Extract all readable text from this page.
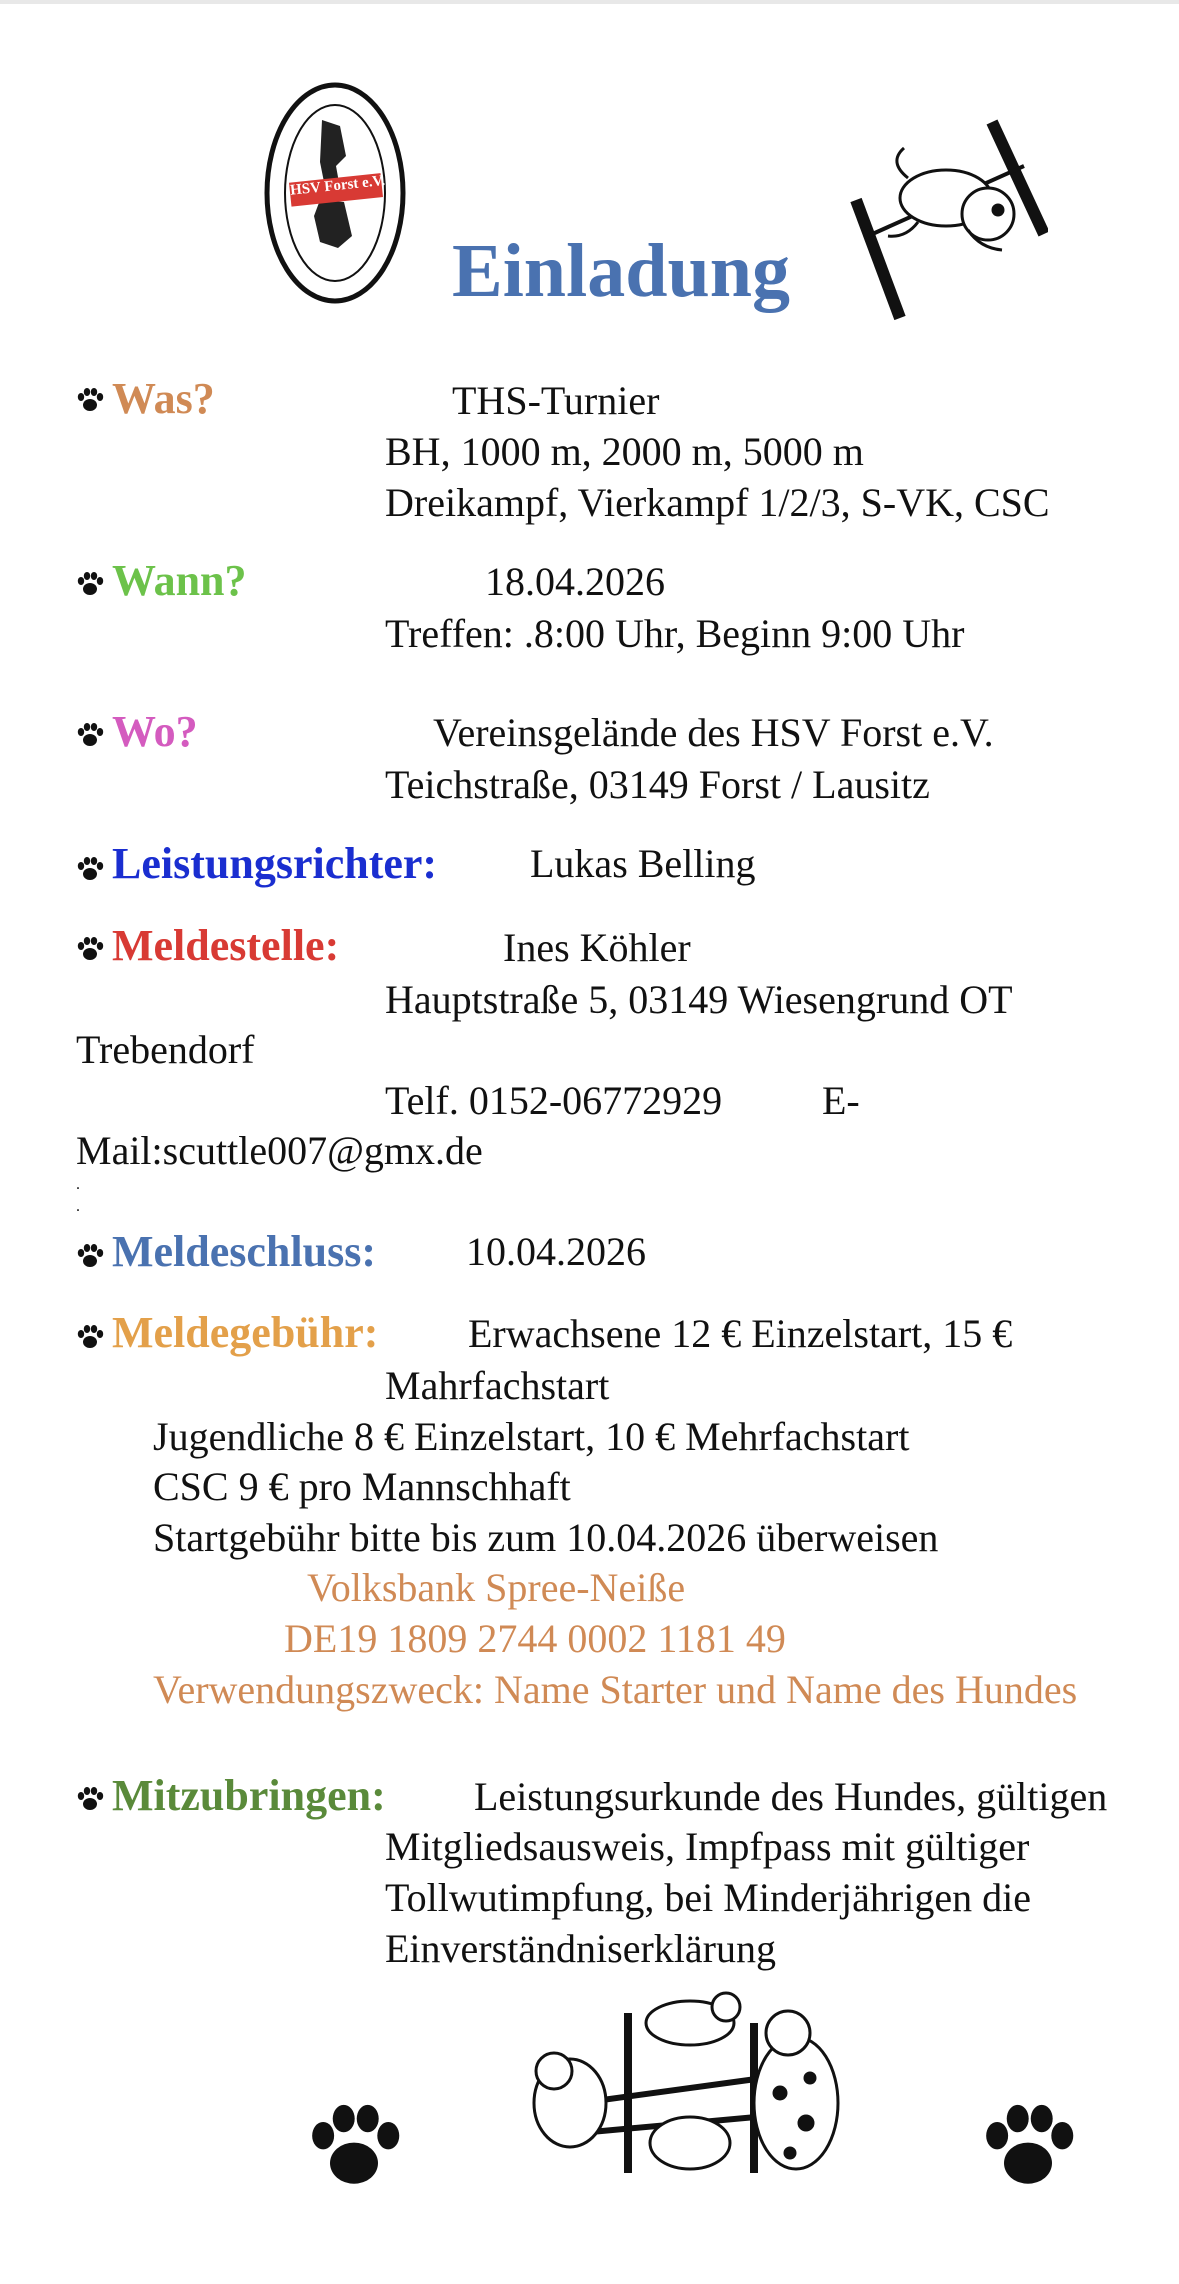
HSV Forst e.V.
Einladung
Was?	THS-Turnier
BH, 1000 m, 2000 m, 5000 m
Dreikampf, Vierkampf 1/2/3, S-VK, CSC
Wann?	18.04.2026
Treffen: .8:00 Uhr, Beginn 9:00 Uhr
Wo?	Vereinsgelände des HSV Forst e.V.
Teichstraße, 03149 Forst / Lausitz
Leistungsrichter: Lukas Belling
Meldestelle:	Ines Köhler
Hauptstraße 5, 03149 Wiesengrund OT
Trebendorf
Telf. 0152-06772929 E-
Mail:scuttle007@gmx.de
.
.
Meldeschluss: 10.04.2026
Meldegebühr: Erwachsene 12 € Einzelstart, 15 €
Mahrfachstart
Jugendliche 8 € Einzelstart, 10 € Mehrfachstart
CSC 9 € pro Mannschhaft
Startgebühr bitte bis zum 10.04.2026 überweisen
Volksbank Spree-Neiße
DE19 1809 2744 0002 1181 49
Verwendungszweck: Name Starter und Name des Hundes
Mitzubringen: Leistungsurkunde des Hundes, gültigen
Mitgliedsausweis, Impfpass mit gültiger
Tollwutimpfung, bei Minderjährigen die
Einverständniserklärung
